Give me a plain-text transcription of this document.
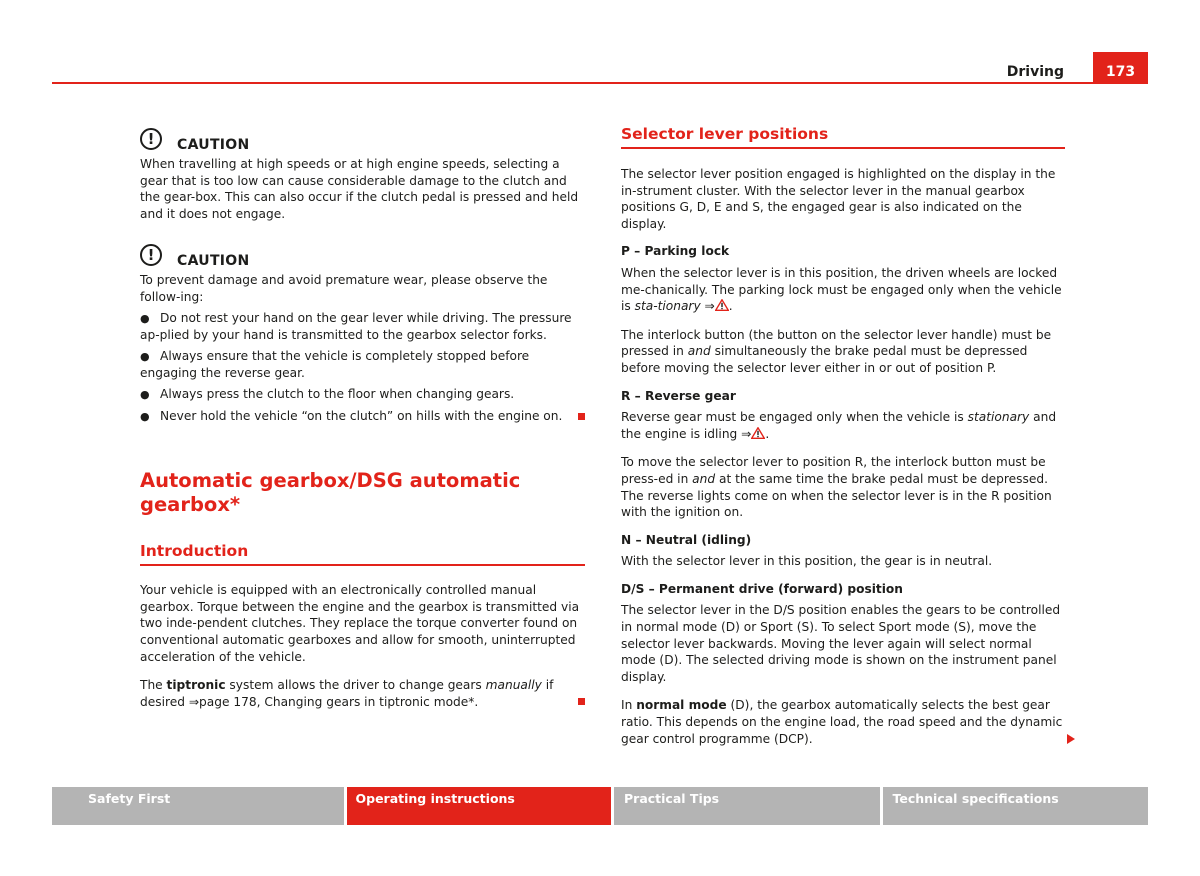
Driving	173
!	CAUTION

When travelling at high speeds or at high engine speeds, selecting a gear that is too low can cause considerable damage to the clutch and the gear-box. This can also occur if the clutch pedal is pressed and held and it does not engage.

!	CAUTION

To prevent damage and avoid premature wear, please observe the follow-ing:

● Do not rest your hand on the gear lever while driving. The pressure ap-plied by your hand is transmitted to the gearbox selector forks.

● Always ensure that the vehicle is completely stopped before engaging the reverse gear.

● Always press the clutch to the floor when changing gears.

● Never hold the vehicle “on the clutch” on hills with the engine on.

Automatic gearbox/DSG automatic gearbox*
Introduction

Your vehicle is equipped with an electronically controlled manual gearbox. Torque between the engine and the gearbox is transmitted via two inde-pendent clutches. They replace the torque converter found on conventional automatic gearboxes and allow for smooth, uninterrupted acceleration of the vehicle.

The tiptronic system allows the driver to change gears manually if desired ⇒page 178, Changing gears in tiptronic mode*.

Selector lever positions

The selector lever position engaged is highlighted on the display in the in-strument cluster. With the selector lever in the manual gearbox positions G, D, E and S, the engaged gear is also indicated on the display.

P – Parking lock

When the selector lever is in this position, the driven wheels are locked me-chanically. The parking lock must be engaged only when the vehicle is sta-tionary ⇒ .

The interlock button (the button on the selector lever handle) must be pressed in and simultaneously the brake pedal must be depressed before moving the selector lever either in or out of position P.

R – Reverse gear

Reverse gear must be engaged only when the vehicle is stationary and the engine is idling ⇒ .

To move the selector lever to position R, the interlock button must be press-ed in and at the same time the brake pedal must be depressed. The reverse lights come on when the selector lever is in the R position with the ignition on.

N – Neutral (idling)

With the selector lever in this position, the gear is in neutral.

D/S – Permanent drive (forward) position

The selector lever in the D/S position enables the gears to be controlled in normal mode (D) or Sport (S). To select Sport mode (S), move the selector lever backwards. Moving the lever again will select normal mode (D). The selected driving mode is shown on the instrument panel display.

In normal mode (D), the gearbox automatically selects the best gear ratio. This depends on the engine load, the road speed and the dynamic gear control programme (DCP).

Safety First	Operating instructions	Practical Tips	Technical specifications
